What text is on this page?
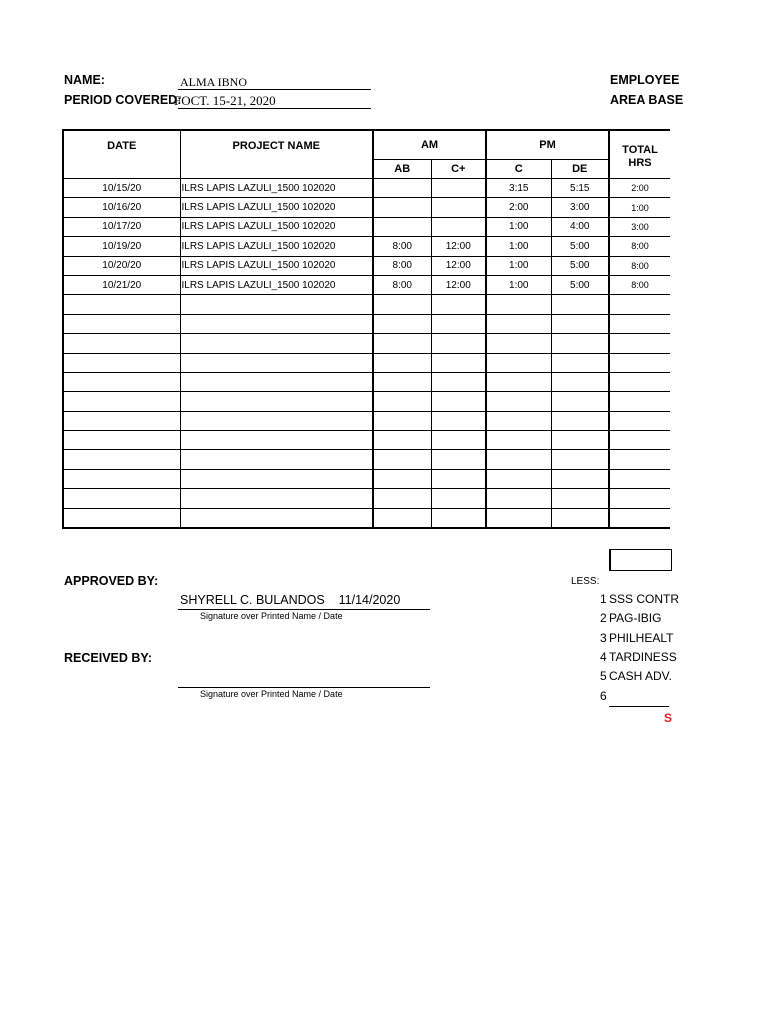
NAME:	ALMA IBNO
PERIOD COVERED:
FOCT. 15-21, 2020
EMPLOYEE
AREA BASE
DATE	PROJECT NAME	AM		PM		TOTAL
HRS
		AB	C+	C	DE	
10/15/20	ILRS LAPIS LAZULI_1500 102020			3:15	5:15	2:00
10/16/20	ILRS LAPIS LAZULI_1500 102020			2:00	3:00	1:00
10/17/20	ILRS LAPIS LAZULI_1500 102020			1:00	4:00	3:00
10/19/20	ILRS LAPIS LAZULI_1500 102020	8:00	12:00	1:00	5:00	8:00
10/20/20	ILRS LAPIS LAZULI_1500 102020	8:00	12:00	1:00	5:00	8:00
10/21/20	ILRS LAPIS LAZULI_1500 102020	8:00	12:00	1:00	5:00	8:00

APPROVED BY:
SHYRELL C. BULANDOS 11/14/2020
Signature over Printed Name / Date
RECEIVED BY:
Signature over Printed Name / Date
LESS:
1 SSS CONTR
2 PAG-IBIG
3 PHILHEALT
4 TARDINESS
5 CASH ADV.
6
S
